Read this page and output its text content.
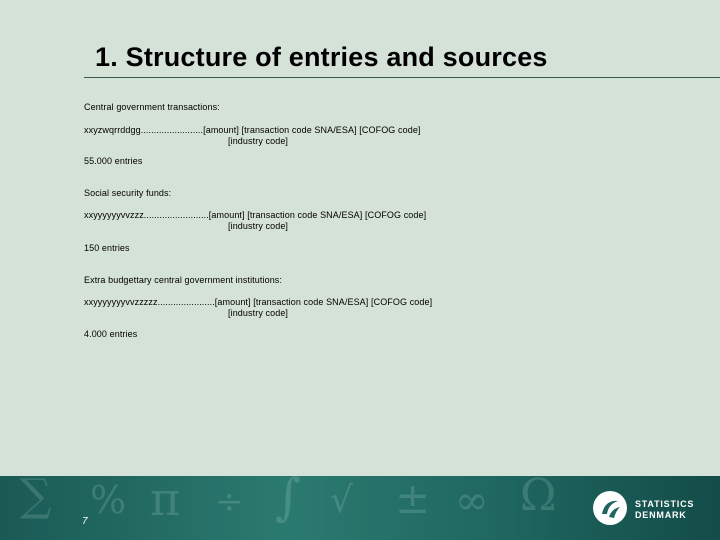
1. Structure of entries and sources
Central government transactions:
xxyzwqrrddgg........................[amount] [transaction code SNA/ESA] [COFOG code]
[industry code]
55.000 entries
Social security funds:
xxyyyyyyvvzzz.........................[amount] [transaction code SNA/ESA] [COFOG code]
[industry code]
150 entries
Extra budgettary central government institutions:
xxyyyyyyyvvzzzzz......................[amount] [transaction code SNA/ESA] [COFOG code]
[industry code]
4.000 entries
∑ % π ÷ ∫ √ ± ∞ Ω
7
STATISTICS
DENMARK
